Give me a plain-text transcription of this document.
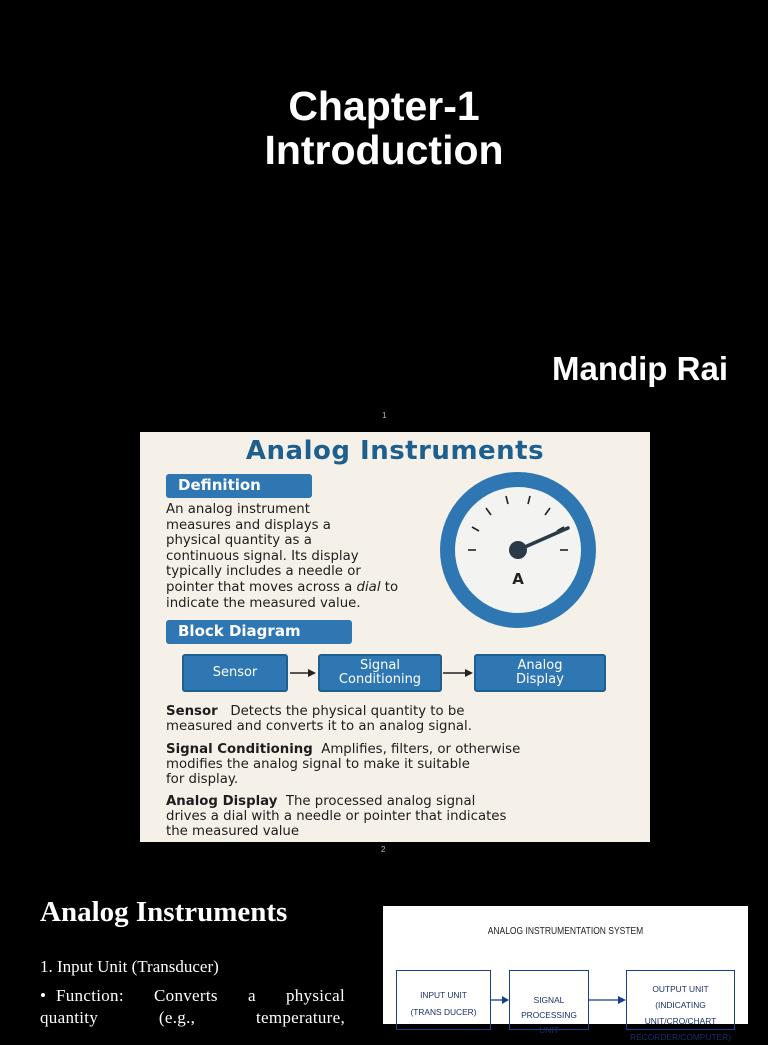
Chapter-1
Introduction
Mandip Rai
1
Analog Instruments
Definition
An analog instrument
measures and displays a
physical quantity as a
continuous signal. Its display
typically includes a needle or
pointer that moves across a dial to
indicate the measured value.
A
Block Diagram
Sensor	Signal
Conditioning
Analog
Display
Sensor   Detects the physical quantity to be
measured and converts it to an analog signal.
Signal Conditioning  Amplifies, filters, or otherwise
modifies the analog signal to make it suitable
for display.
Analog Display  The processed analog signal
drives a dial with a needle or pointer that indicates
the measured value
2
Analog Instruments
1. Input Unit (Transducer)
• Function: Converts a physical
quantity (e.g., temperature,
ANALOG INSTRUMENTATION SYSTEM
INPUT UNIT
(TRANS DUCER)
SIGNAL PROCESSING
UNIT
OUTPUT UNIT
(INDICATING UNIT/CRO/CHART
RECORDER/COMPUTER)
